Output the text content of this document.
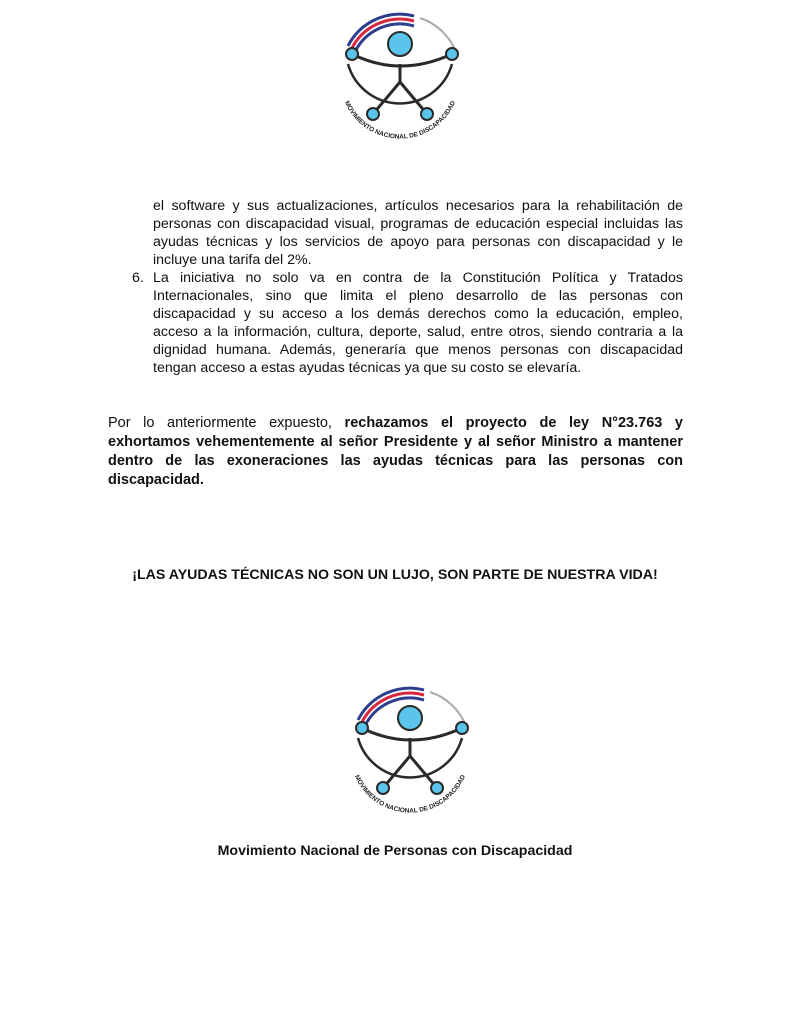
MOVIMIENTO NACIONAL DE DISCAPACIDAD

el software y sus actualizaciones, artículos necesarios para la rehabilitación de personas con discapacidad visual, programas de educación especial incluidas las ayudas técnicas y los servicios de apoyo para personas con discapacidad y le incluye una tarifa del 2%.

6. La iniciativa no solo va en contra de la Constitución Política y Tratados Internacionales, sino que limita el pleno desarrollo de las personas con discapacidad y su acceso a los demás derechos como la educación, empleo, acceso a la información, cultura, deporte, salud, entre otros, siendo contraria a la dignidad humana. Además, generaría que menos personas con discapacidad tengan acceso a estas ayudas técnicas ya que su costo se elevaría.

Por lo anteriormente expuesto, rechazamos el proyecto de ley N°23.763 y exhortamos vehementemente al señor Presidente y al señor Ministro a mantener dentro de las exoneraciones las ayudas técnicas para las personas con discapacidad.

¡LAS AYUDAS TÉCNICAS NO SON UN LUJO, SON PARTE DE NUESTRA VIDA!

MOVIMIENTO NACIONAL DE DISCAPACIDAD

Movimiento Nacional de Personas con Discapacidad
